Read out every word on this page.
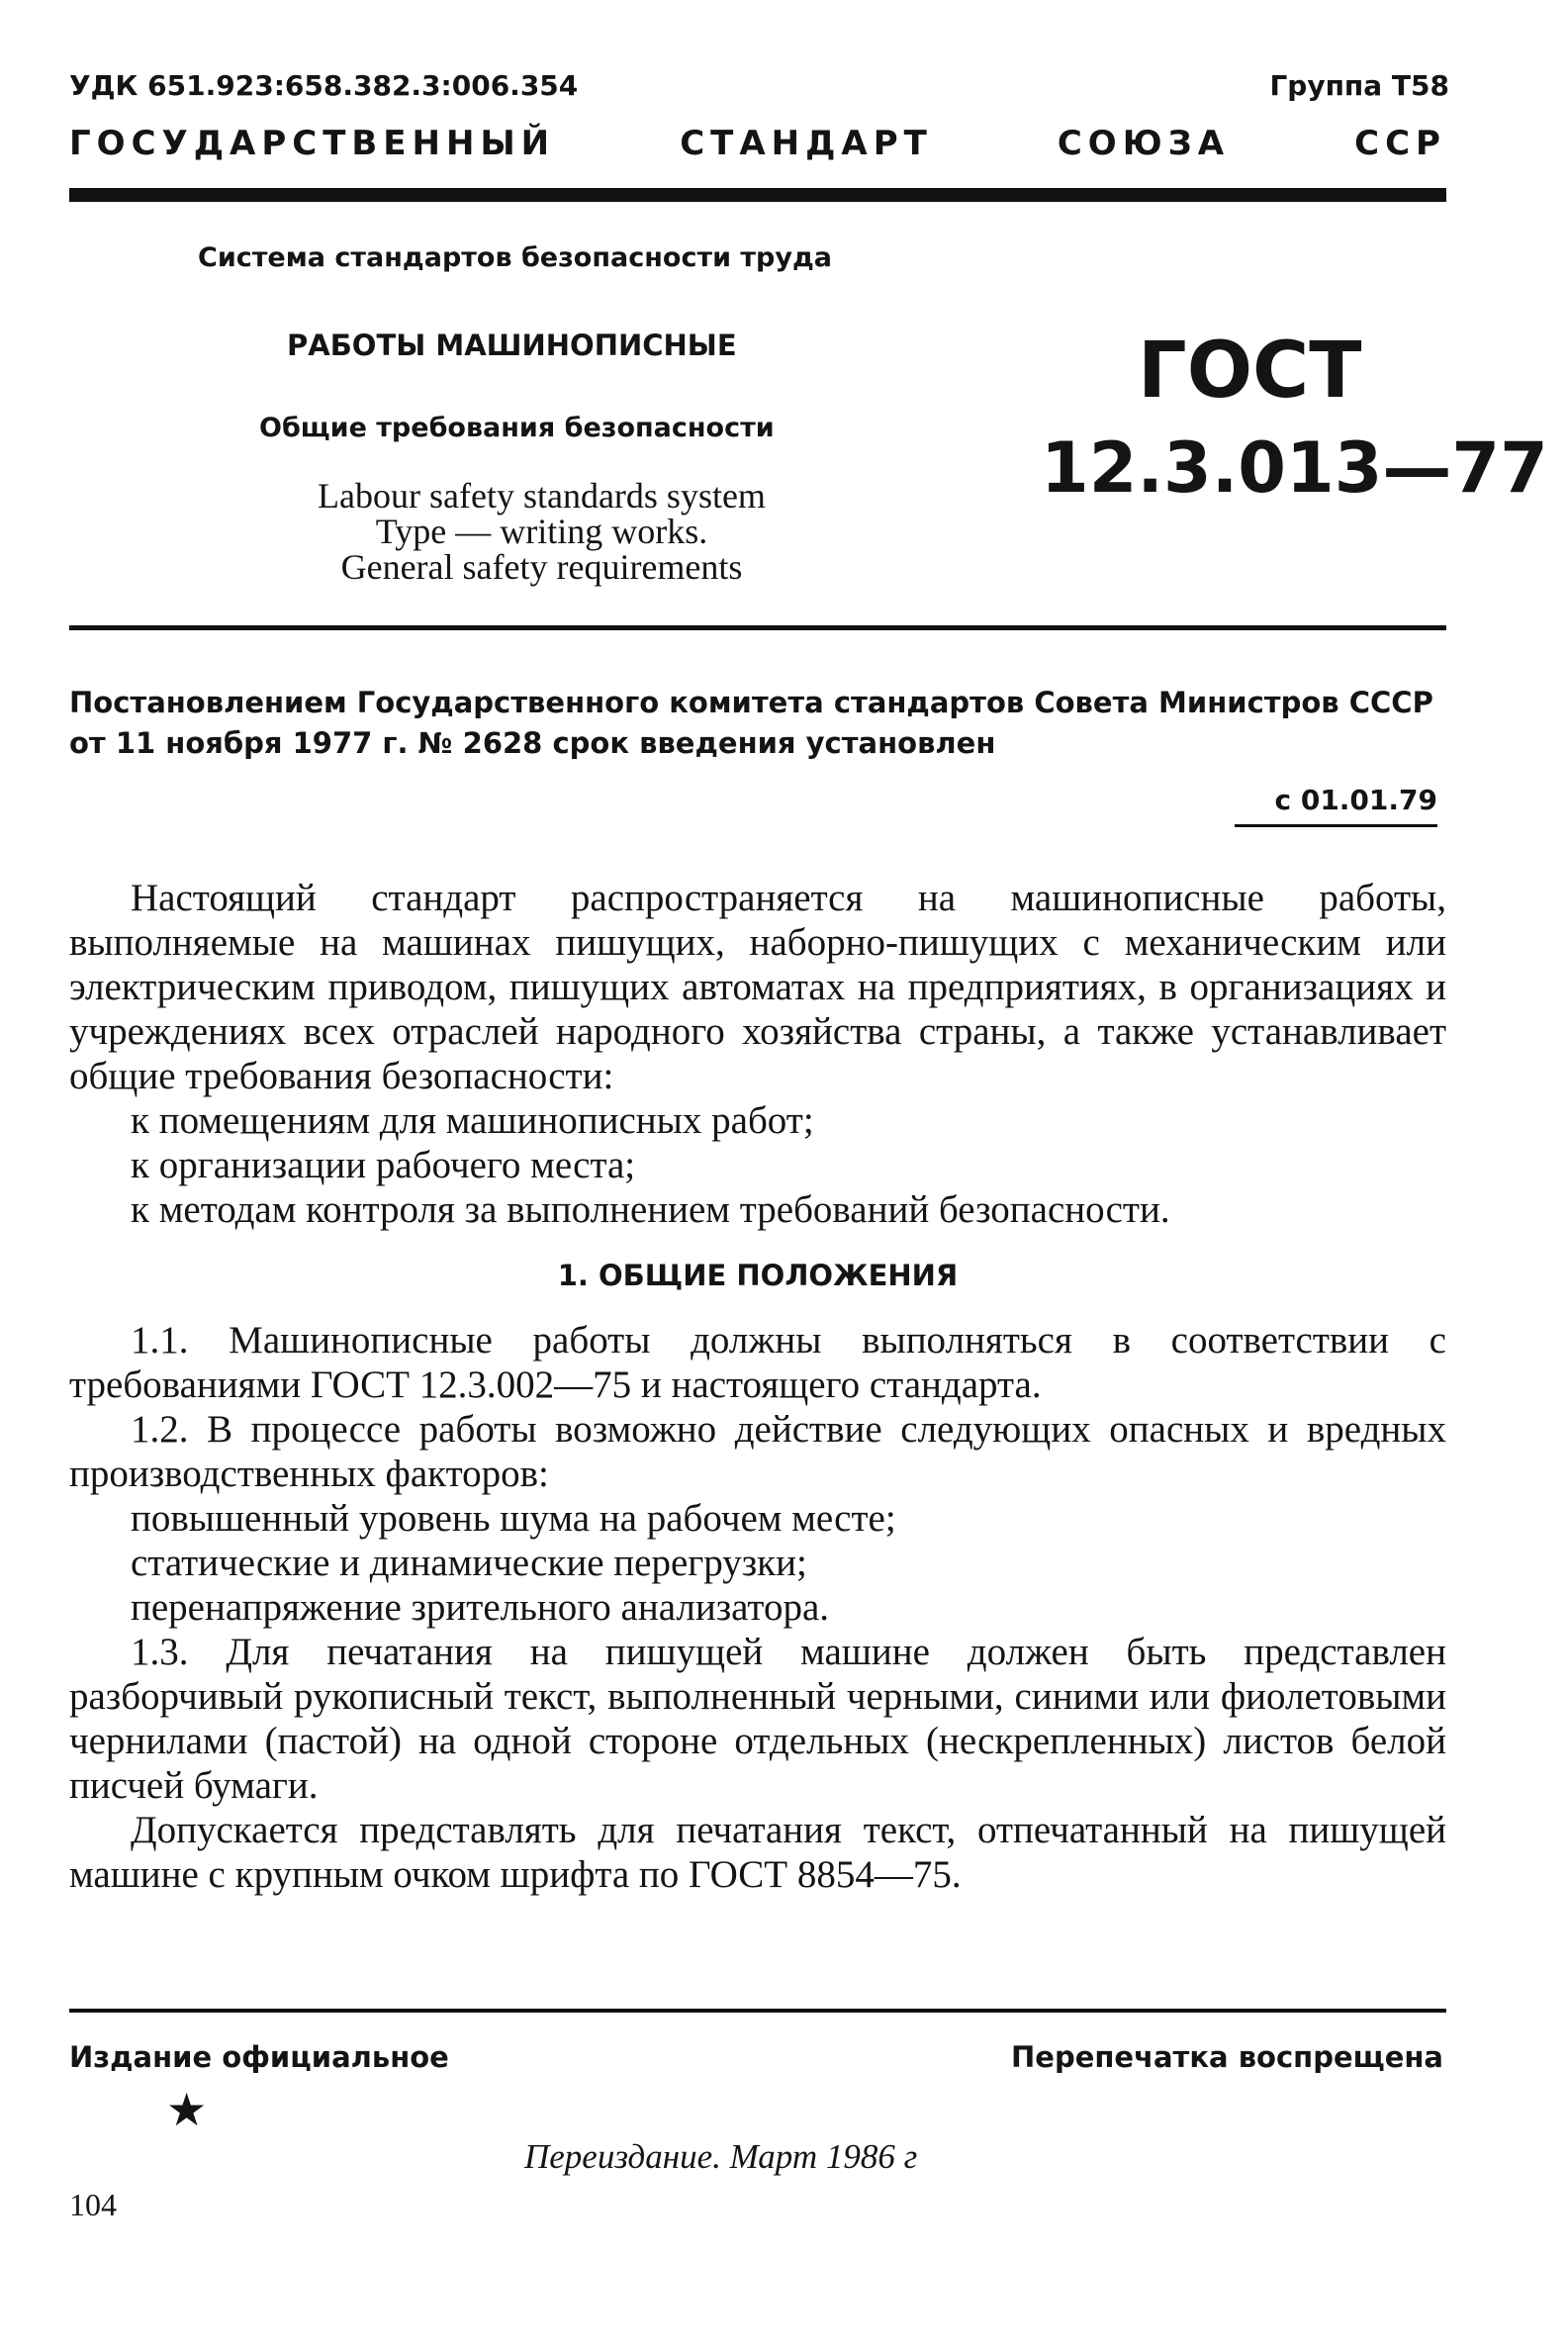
УДК 651.923:658.382.3:006.354	Группа Т58
ГОСУДАРСТВЕННЫЙ	СТАНДАРТ	СОЮЗА	ССР
Система стандартов безопасности труда
РАБОТЫ МАШИНОПИСНЫЕ
Общие требования безопасности
Labour safety standards system
Type — writing works.
General safety requirements
ГОСТ
12.3.013—77
Постановлением Государственного комитета стандартов Совета Министров СССР от 11 ноября 1977 г. № 2628 срок введения установлен
с 01.01.79

Настоящий стандарт распространяется на машинописные работы, выполняемые на машинах пишущих, наборно-пишущих с механическим или электрическим приводом, пишущих автоматах на предприятиях, в организациях и учреждениях всех отраслей народного хозяйства страны, а также устанавливает общие требования безопасности:

к помещениям для машинописных работ;

к организации рабочего места;

к методам контроля за выполнением требований безопасности.

1. ОБЩИЕ ПОЛОЖЕНИЯ

1.1. Машинописные работы должны выполняться в соответствии с требованиями ГОСТ 12.3.002—75 и настоящего стандарта.

1.2. В процессе работы возможно действие следующих опасных и вредных производственных факторов:

повышенный уровень шума на рабочем месте;

статические и динамические перегрузки;

перенапряжение зрительного анализатора.

1.3. Для печатания на пишущей машине должен быть представлен разборчивый рукописный текст, выполненный черными, синими или фиолетовыми чернилами (пастой) на одной стороне отдельных (нескрепленных) листов белой писчей бумаги.

Допускается представлять для печатания текст, отпечатанный на пишущей машине с крупным очком шрифта по ГОСТ 8854—75.

Издание официальное	Перепечатка воспрещена
★
Переиздание. Март 1986 г
104
